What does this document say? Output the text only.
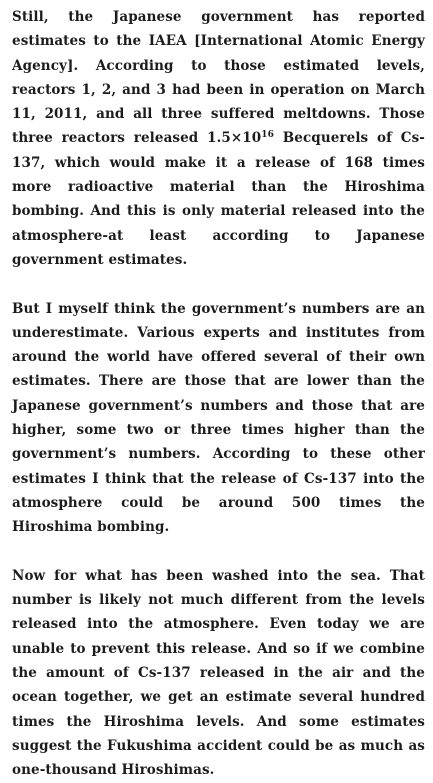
Still, the Japanese government has reported estimates to the IAEA [International Atomic Energy Agency]. According to those estimated levels, reactors 1, 2, and 3 had been in operation on March 11, 2011, and all three suffered meltdowns. Those three reactors released $1.5\times 10^{16}$ Becquerels of Cs-137, which would make it a release of 168 times more radioactive material than the Hiroshima bombing. And this is only material released into the atmosphere-at least according to Japanese government estimates.

But I myself think the government’s numbers are an underestimate. Various experts and institutes from around the world have offered several of their own estimates. There are those that are lower than the Japanese government’s numbers and those that are higher, some two or three times higher than the government’s numbers. According to these other estimates I think that the release of Cs-137 into the atmosphere could be around 500 times the Hiroshima bombing.

Now for what has been washed into the sea. That number is likely not much different from the levels released into the atmosphere. Even today we are unable to prevent this release. And so if we combine the amount of Cs-137 released in the air and the ocean together, we get an estimate several hundred times the Hiroshima levels. And some estimates suggest the Fukushima accident could be as much as one-thousand Hiroshimas.
